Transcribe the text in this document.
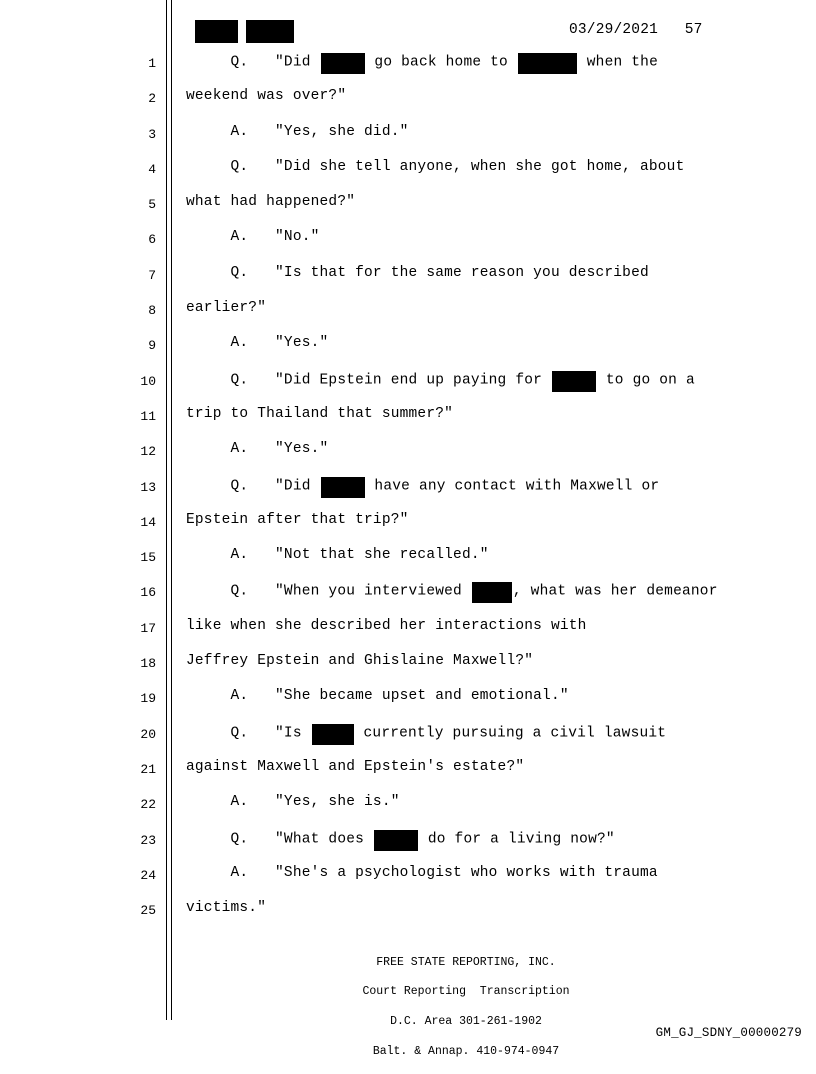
03/29/2021   57
1 Q.   "Did	go back home to	when the
2 weekend was over?"
3 A.   "Yes, she did."
4 Q.   "Did she tell anyone, when she got home, about
5 what had happened?"
6 A.   "No."
7 Q.   "Is that for the same reason you described
8 earlier?"
9 A.   "Yes."
10 Q.   "Did Epstein end up paying for	to go on a
11 trip to Thailand that summer?"
12 A.   "Yes."
13 Q.   "Did	have any contact with Maxwell or
14 Epstein after that trip?"
15 A.   "Not that she recalled."
16 Q.   "When you interviewed	, what was her demeanor
17 like when she described her interactions with
18 Jeffrey Epstein and Ghislaine Maxwell?"
19 A.   "She became upset and emotional."
20 Q.   "Is	currently pursuing a civil lawsuit
21 against Maxwell and Epstein's estate?"
22 A.   "Yes, she is."
23 Q.   "What does	do for a living now?"
24 A.   "She's a psychologist who works with trauma
25 victims."

FREE STATE REPORTING, INC.

Court Reporting  Transcription

D.C. Area 301-261-1902

Balt. & Annap. 410-974-0947

GM_GJ_SDNY_00000279
